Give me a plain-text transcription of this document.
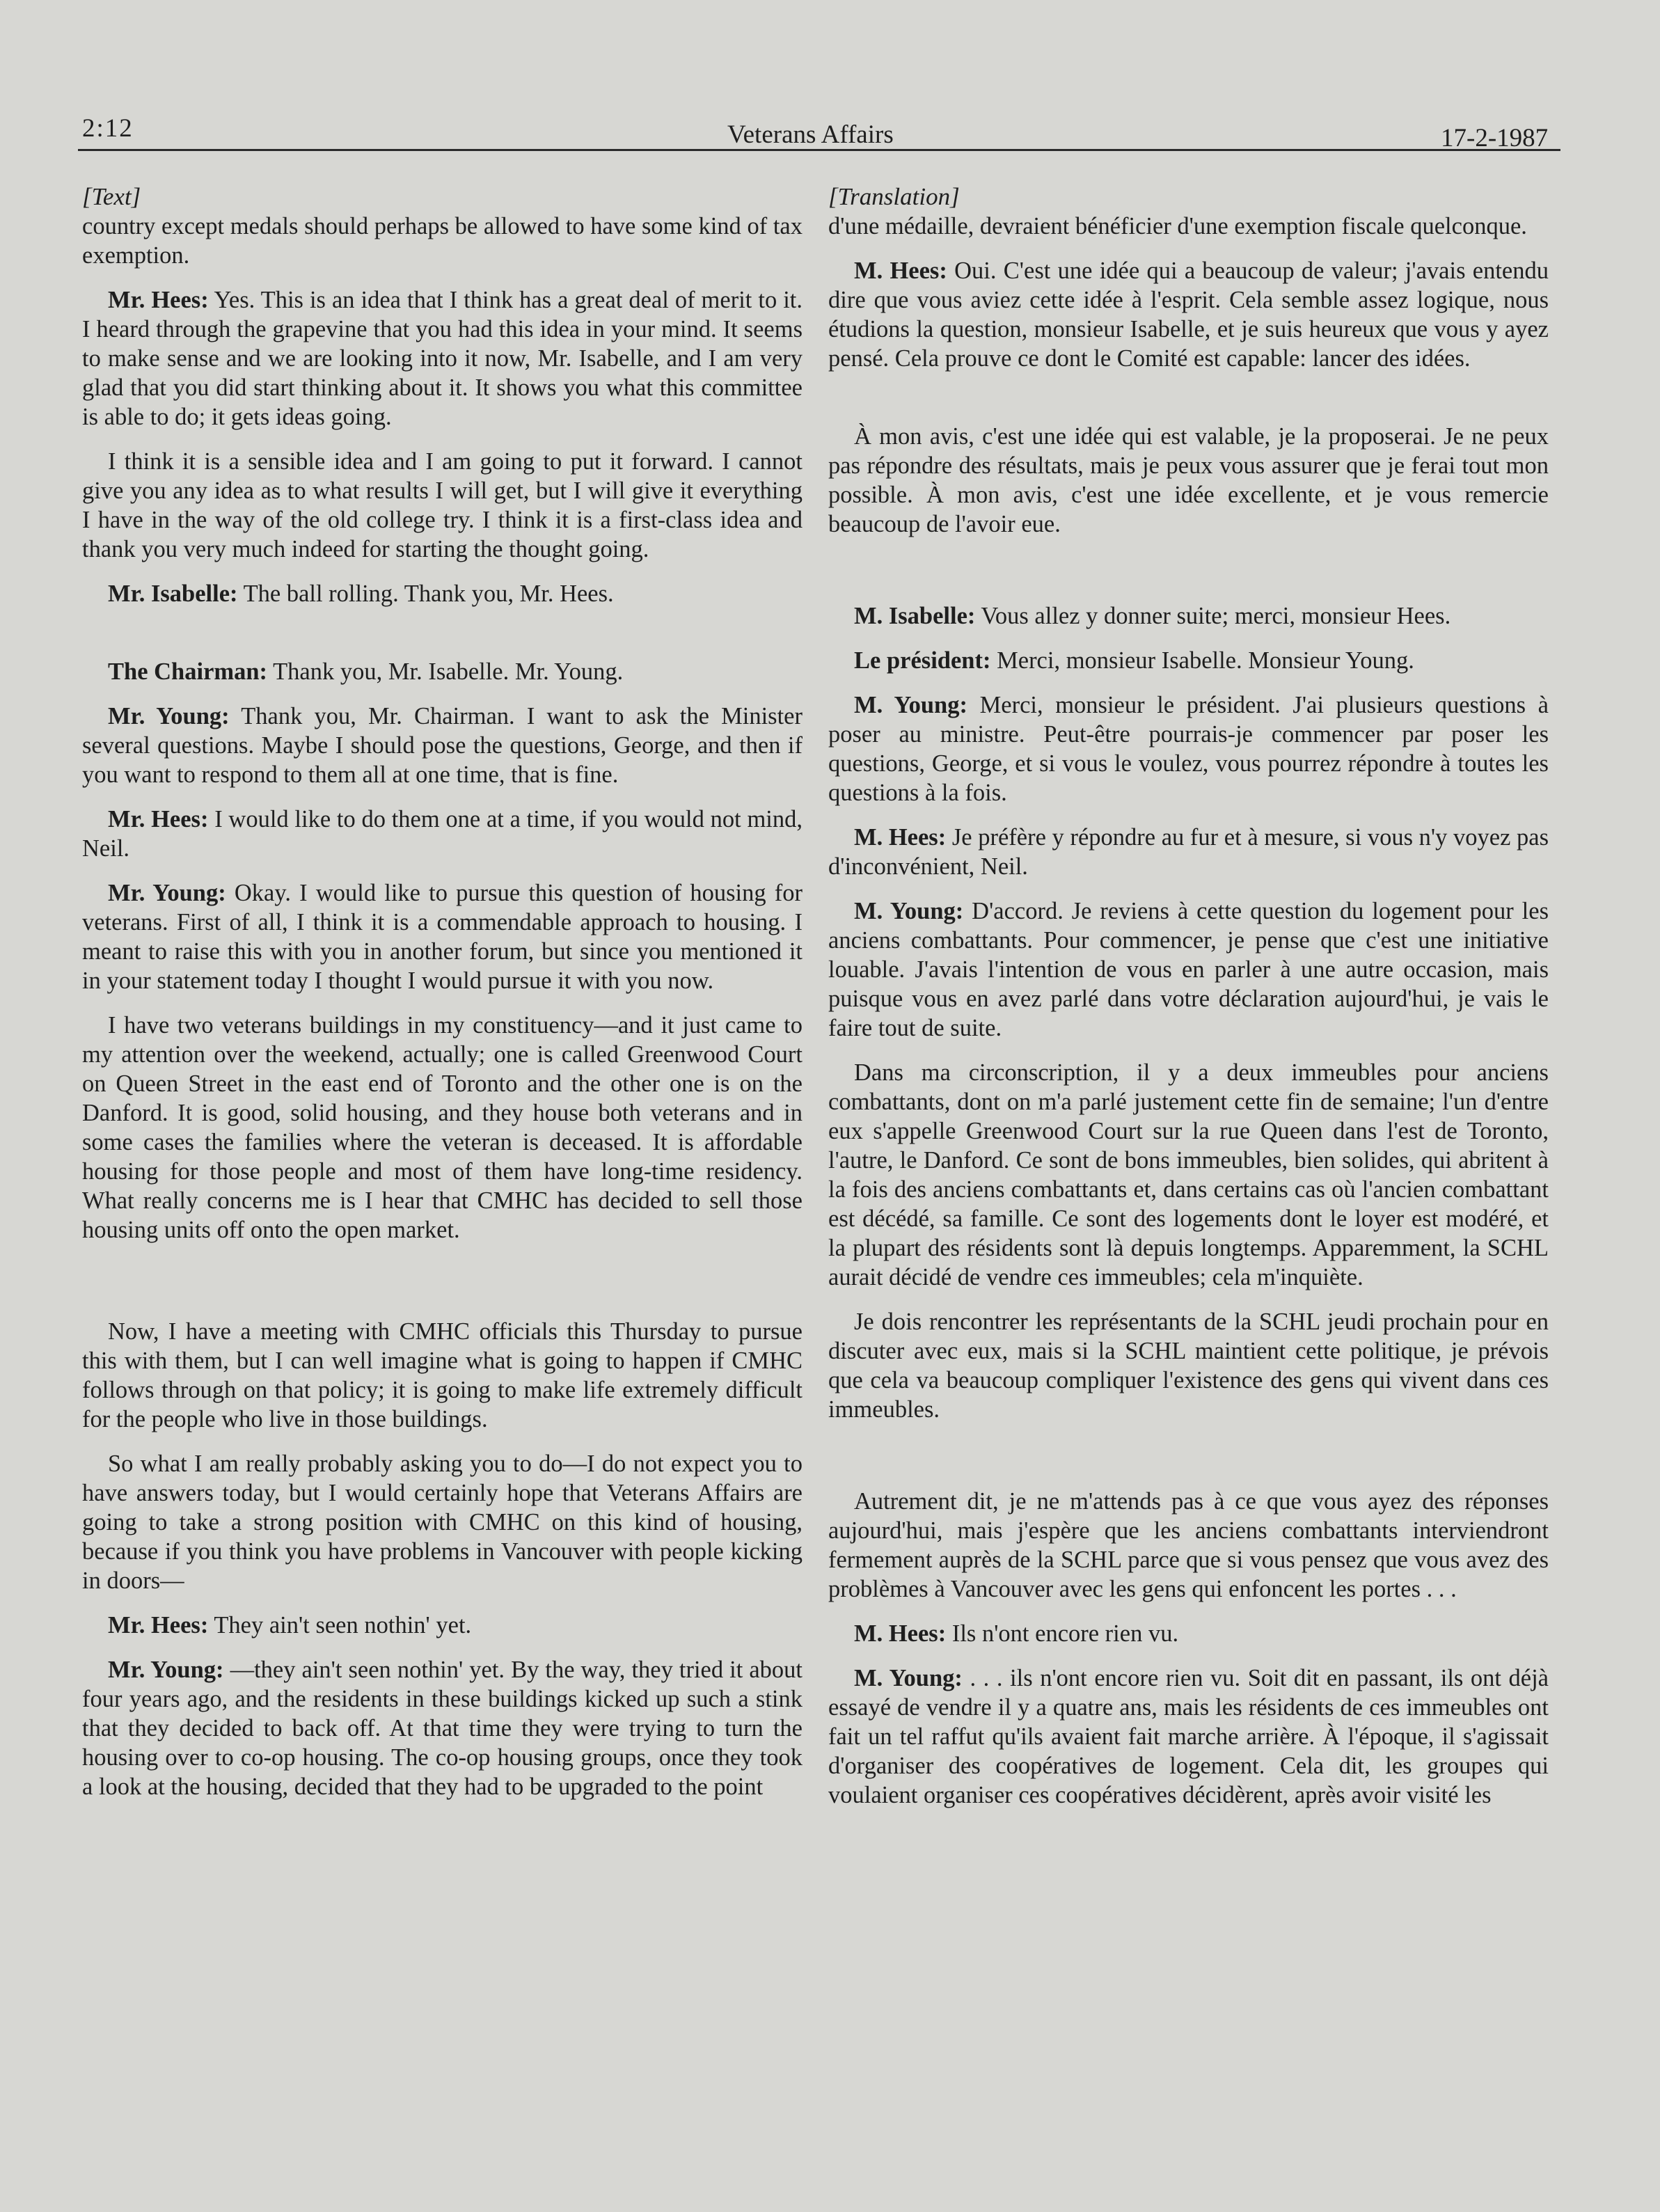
2:12	Veterans Affairs	17-2-1987

[Text]

country except medals should perhaps be allowed to have some kind of tax exemption.

Mr. Hees: Yes. This is an idea that I think has a great deal of merit to it. I heard through the grapevine that you had this idea in your mind. It seems to make sense and we are looking into it now, Mr. Isabelle, and I am very glad that you did start thinking about it. It shows you what this committee is able to do; it gets ideas going.

I think it is a sensible idea and I am going to put it forward. I cannot give you any idea as to what results I will get, but I will give it everything I have in the way of the old college try. I think it is a first-class idea and thank you very much indeed for starting the thought going.

Mr. Isabelle: The ball rolling. Thank you, Mr. Hees.

The Chairman: Thank you, Mr. Isabelle. Mr. Young.

Mr. Young: Thank you, Mr. Chairman. I want to ask the Minister several questions. Maybe I should pose the questions, George, and then if you want to respond to them all at one time, that is fine.

Mr. Hees: I would like to do them one at a time, if you would not mind, Neil.

Mr. Young: Okay. I would like to pursue this question of housing for veterans. First of all, I think it is a commendable approach to housing. I meant to raise this with you in another forum, but since you mentioned it in your statement today I thought I would pursue it with you now.

I have two veterans buildings in my constituency—and it just came to my attention over the weekend, actually; one is called Greenwood Court on Queen Street in the east end of Toronto and the other one is on the Danford. It is good, solid housing, and they house both veterans and in some cases the families where the veteran is deceased. It is affordable housing for those people and most of them have long-time residency. What really concerns me is I hear that CMHC has decided to sell those housing units off onto the open market.

Now, I have a meeting with CMHC officials this Thursday to pursue this with them, but I can well imagine what is going to happen if CMHC follows through on that policy; it is going to make life extremely difficult for the people who live in those buildings.

So what I am really probably asking you to do—I do not expect you to have answers today, but I would certainly hope that Veterans Affairs are going to take a strong position with CMHC on this kind of housing, because if you think you have problems in Vancouver with people kicking in doors—

Mr. Hees: They ain't seen nothin' yet.

Mr. Young: —they ain't seen nothin' yet. By the way, they tried it about four years ago, and the residents in these buildings kicked up such a stink that they decided to back off. At that time they were trying to turn the housing over to co-op housing. The co-op housing groups, once they took a look at the housing, decided that they had to be upgraded to the point

[Translation]

d'une médaille, devraient bénéficier d'une exemption fiscale quelconque.

M. Hees: Oui. C'est une idée qui a beaucoup de valeur; j'avais entendu dire que vous aviez cette idée à l'esprit. Cela semble assez logique, nous étudions la question, monsieur Isabelle, et je suis heureux que vous y ayez pensé. Cela prouve ce dont le Comité est capable: lancer des idées.

À mon avis, c'est une idée qui est valable, je la proposerai. Je ne peux pas répondre des résultats, mais je peux vous assurer que je ferai tout mon possible. À mon avis, c'est une idée excellente, et je vous remercie beaucoup de l'avoir eue.

M. Isabelle: Vous allez y donner suite; merci, monsieur Hees.

Le président: Merci, monsieur Isabelle. Monsieur Young.

M. Young: Merci, monsieur le président. J'ai plusieurs questions à poser au ministre. Peut-être pourrais-je commencer par poser les questions, George, et si vous le voulez, vous pourrez répondre à toutes les questions à la fois.

M. Hees: Je préfère y répondre au fur et à mesure, si vous n'y voyez pas d'inconvénient, Neil.

M. Young: D'accord. Je reviens à cette question du logement pour les anciens combattants. Pour commencer, je pense que c'est une initiative louable. J'avais l'intention de vous en parler à une autre occasion, mais puisque vous en avez parlé dans votre déclaration aujourd'hui, je vais le faire tout de suite.

Dans ma circonscription, il y a deux immeubles pour anciens combattants, dont on m'a parlé justement cette fin de semaine; l'un d'entre eux s'appelle Greenwood Court sur la rue Queen dans l'est de Toronto, l'autre, le Danford. Ce sont de bons immeubles, bien solides, qui abritent à la fois des anciens combattants et, dans certains cas où l'ancien combattant est décédé, sa famille. Ce sont des logements dont le loyer est modéré, et la plupart des résidents sont là depuis longtemps. Apparemment, la SCHL aurait décidé de vendre ces immeubles; cela m'inquiète.

Je dois rencontrer les représentants de la SCHL jeudi prochain pour en discuter avec eux, mais si la SCHL maintient cette politique, je prévois que cela va beaucoup compliquer l'existence des gens qui vivent dans ces immeubles.

Autrement dit, je ne m'attends pas à ce que vous ayez des réponses aujourd'hui, mais j'espère que les anciens combattants interviendront fermement auprès de la SCHL parce que si vous pensez que vous avez des problèmes à Vancouver avec les gens qui enfoncent les portes . . .

M. Hees: Ils n'ont encore rien vu.

M. Young: . . . ils n'ont encore rien vu. Soit dit en passant, ils ont déjà essayé de vendre il y a quatre ans, mais les résidents de ces immeubles ont fait un tel raffut qu'ils avaient fait marche arrière. À l'époque, il s'agissait d'organiser des coopératives de logement. Cela dit, les groupes qui voulaient organiser ces coopératives décidèrent, après avoir visité les
